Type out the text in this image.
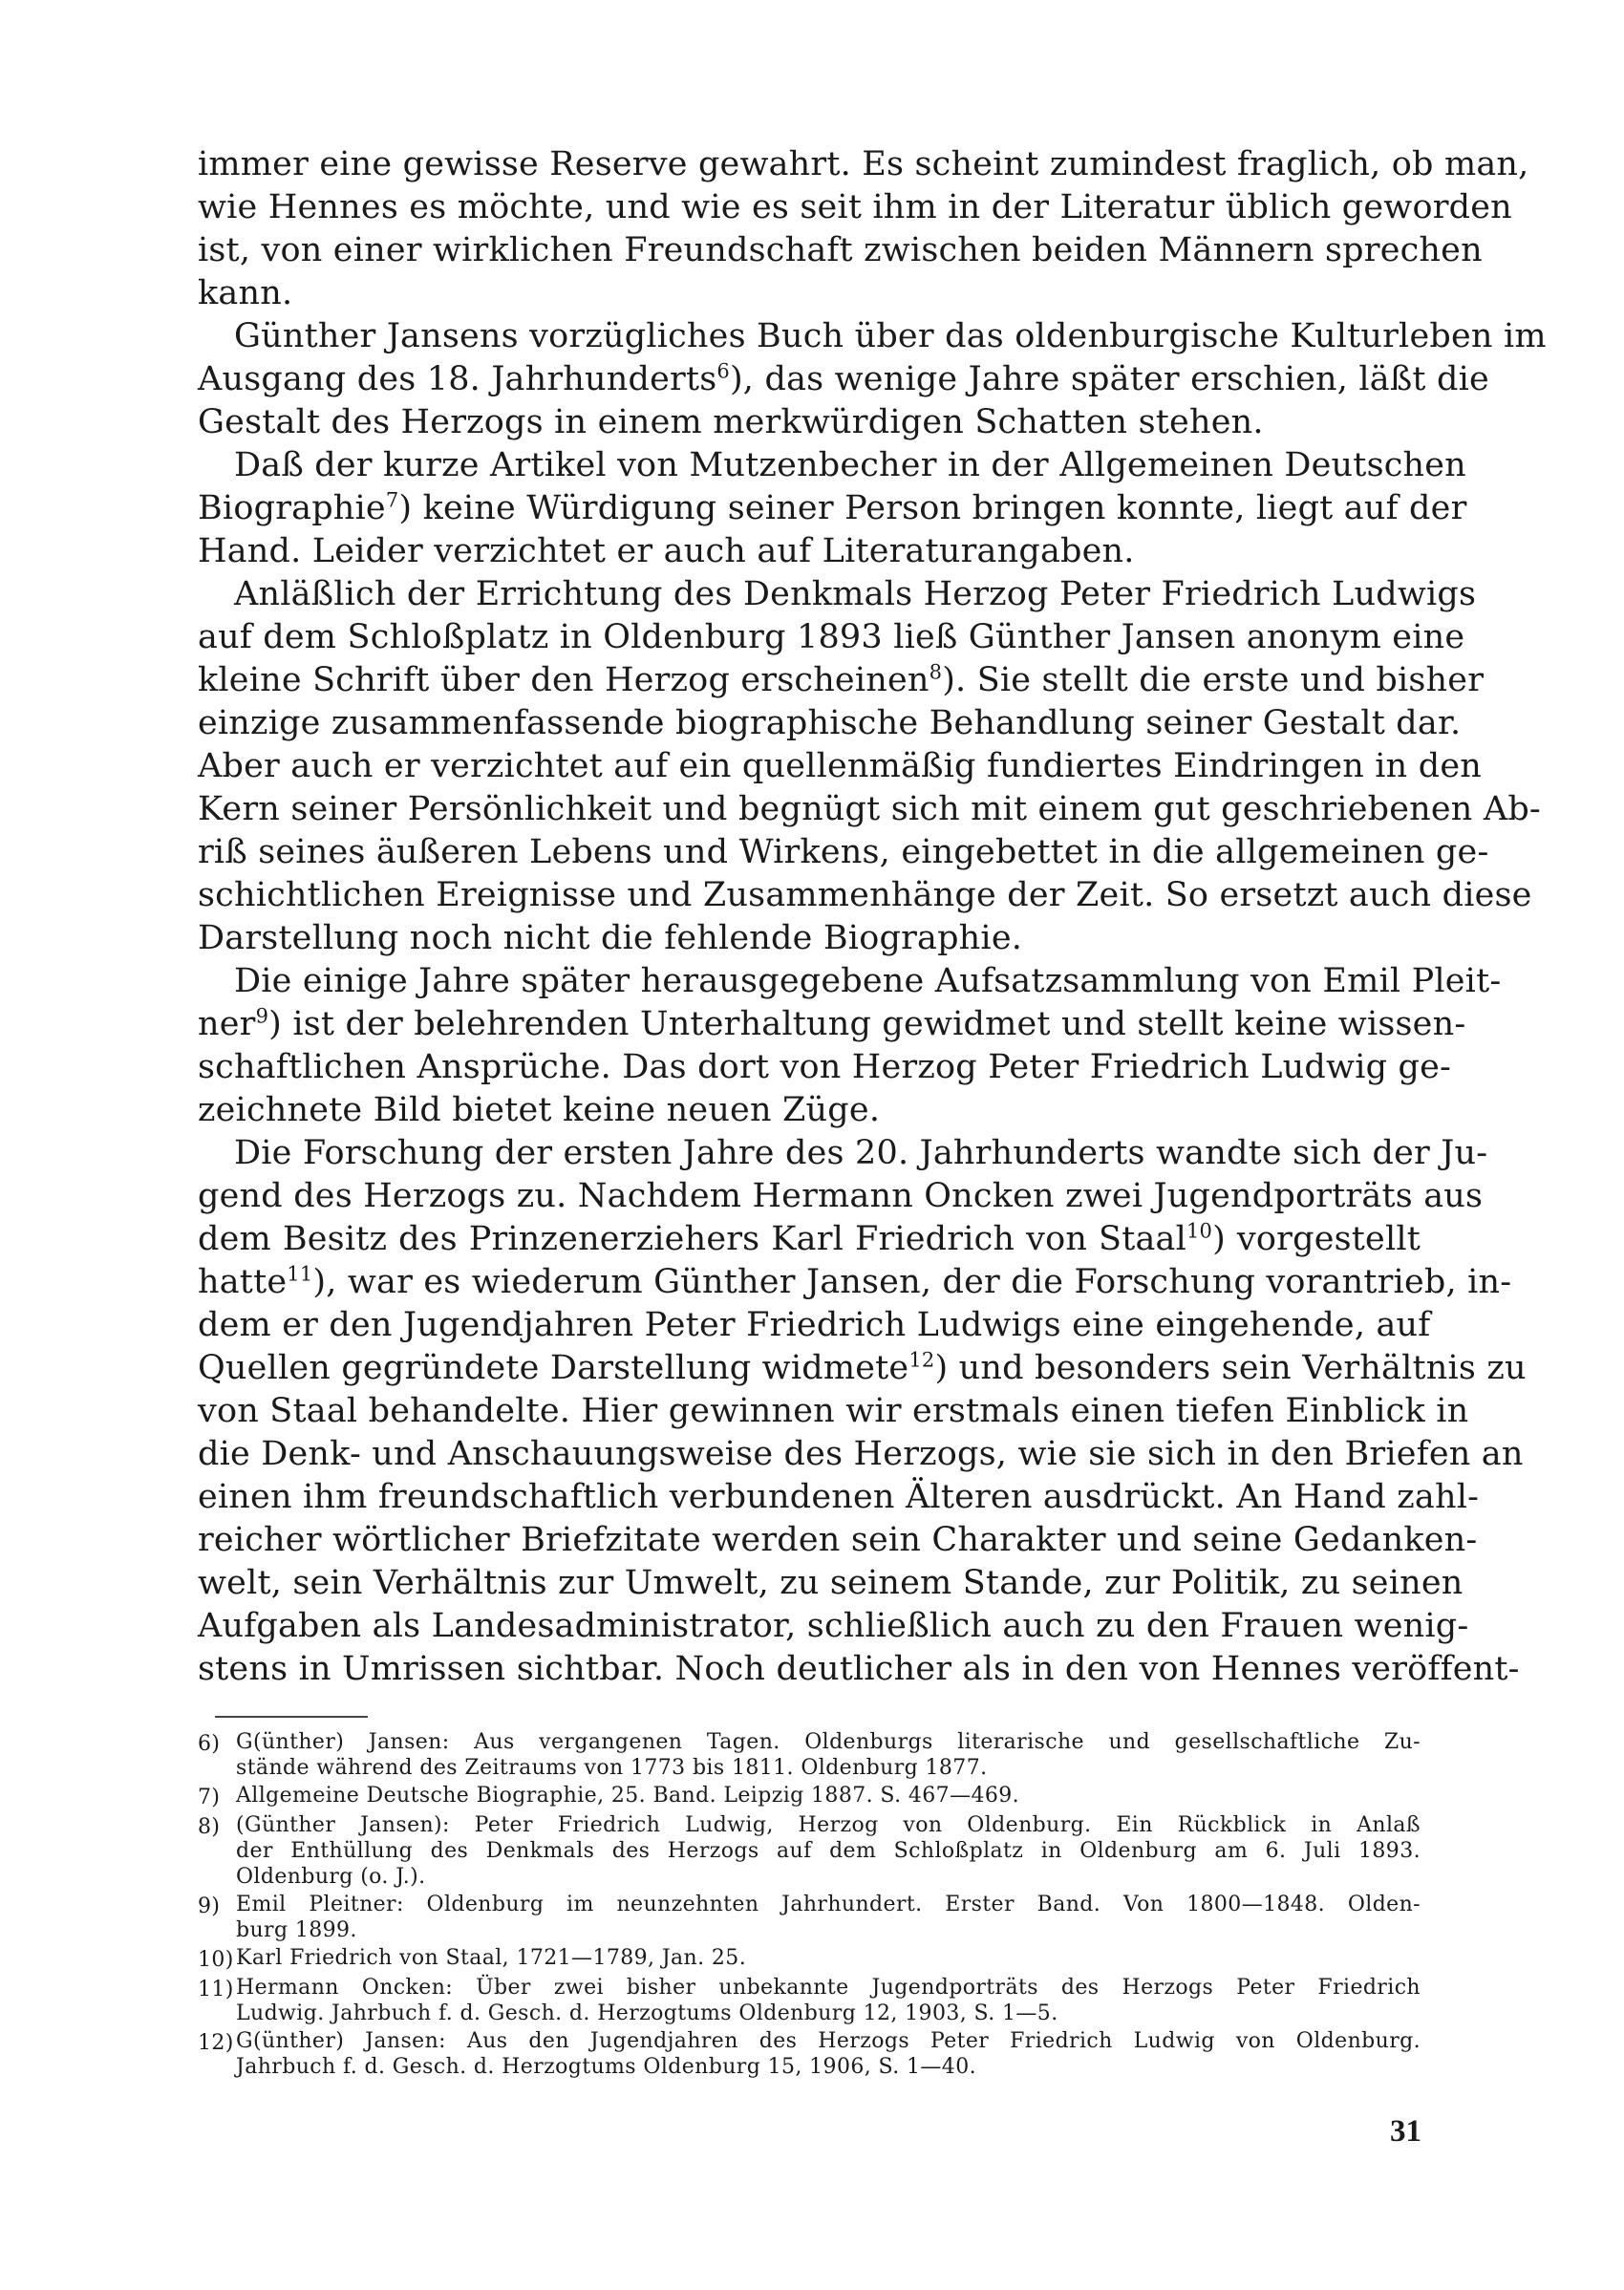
immer eine gewisse Reserve gewahrt. Es scheint zumindest fraglich, ob man,
wie Hennes es möchte, und wie es seit ihm in der Literatur üblich geworden
ist, von einer wirklichen Freundschaft zwischen beiden Männern sprechen
kann.

Günther Jansens vorzügliches Buch über das oldenburgische Kulturleben im
Ausgang des 18. Jahrhunderts$^6$), das wenige Jahre später erschien, läßt die
Gestalt des Herzogs in einem merkwürdigen Schatten stehen.

Daß der kurze Artikel von Mutzenbecher in der Allgemeinen Deutschen
Biographie$^7$) keine Würdigung seiner Person bringen konnte, liegt auf der
Hand. Leider verzichtet er auch auf Literaturangaben.

Anläßlich der Errichtung des Denkmals Herzog Peter Friedrich Ludwigs
auf dem Schloßplatz in Oldenburg 1893 ließ Günther Jansen anonym eine
kleine Schrift über den Herzog erscheinen$^8$). Sie stellt die erste und bisher
einzige zusammenfassende biographische Behandlung seiner Gestalt dar.
Aber auch er verzichtet auf ein quellenmäßig fundiertes Eindringen in den
Kern seiner Persönlichkeit und begnügt sich mit einem gut geschriebenen Ab-
riß seines äußeren Lebens und Wirkens, eingebettet in die allgemeinen ge-
schichtlichen Ereignisse und Zusammenhänge der Zeit. So ersetzt auch diese
Darstellung noch nicht die fehlende Biographie.

Die einige Jahre später herausgegebene Aufsatzsammlung von Emil Pleit-
ner$^9$) ist der belehrenden Unterhaltung gewidmet und stellt keine wissen-
schaftlichen Ansprüche. Das dort von Herzog Peter Friedrich Ludwig ge-
zeichnete Bild bietet keine neuen Züge.

Die Forschung der ersten Jahre des 20. Jahrhunderts wandte sich der Ju-
gend des Herzogs zu. Nachdem Hermann Oncken zwei Jugendporträts aus
dem Besitz des Prinzenerziehers Karl Friedrich von Staal$^{10}$) vorgestellt
hatte$^{11}$), war es wiederum Günther Jansen, der die Forschung vorantrieb, in-
dem er den Jugendjahren Peter Friedrich Ludwigs eine eingehende, auf
Quellen gegründete Darstellung widmete$^{12}$) und besonders sein Verhältnis zu
von Staal behandelte. Hier gewinnen wir erstmals einen tiefen Einblick in
die Denk- und Anschauungsweise des Herzogs, wie sie sich in den Briefen an
einen ihm freundschaftlich verbundenen Älteren ausdrückt. An Hand zahl-
reicher wörtlicher Briefzitate werden sein Charakter und seine Gedanken-
welt, sein Verhältnis zur Umwelt, zu seinem Stande, zur Politik, zu seinen
Aufgaben als Landesadministrator, schließlich auch zu den Frauen wenig-
stens in Umrissen sichtbar. Noch deutlicher als in den von Hennes veröffent-

6) G(ünther) Jansen: Aus vergangenen Tagen. Oldenburgs literarische und gesellschaftliche Zu-
stände während des Zeitraums von 1773 bis 1811. Oldenburg 1877.
7) Allgemeine Deutsche Biographie, 25. Band. Leipzig 1887. S. 467—469.
8) (Günther Jansen): Peter Friedrich Ludwig, Herzog von Oldenburg. Ein Rückblick in Anlaß
der Enthüllung des Denkmals des Herzogs auf dem Schloßplatz in Oldenburg am 6. Juli 1893.
Oldenburg (o. J.).
9) Emil Pleitner: Oldenburg im neunzehnten Jahrhundert. Erster Band. Von 1800—1848. Olden-
burg 1899.
10) Karl Friedrich von Staal, 1721—1789, Jan. 25.
11) Hermann Oncken: Über zwei bisher unbekannte Jugendporträts des Herzogs Peter Friedrich
Ludwig. Jahrbuch f. d. Gesch. d. Herzogtums Oldenburg 12, 1903, S. 1—5.
12) G(ünther) Jansen: Aus den Jugendjahren des Herzogs Peter Friedrich Ludwig von Oldenburg.
Jahrbuch f. d. Gesch. d. Herzogtums Oldenburg 15, 1906, S. 1—40.
31
